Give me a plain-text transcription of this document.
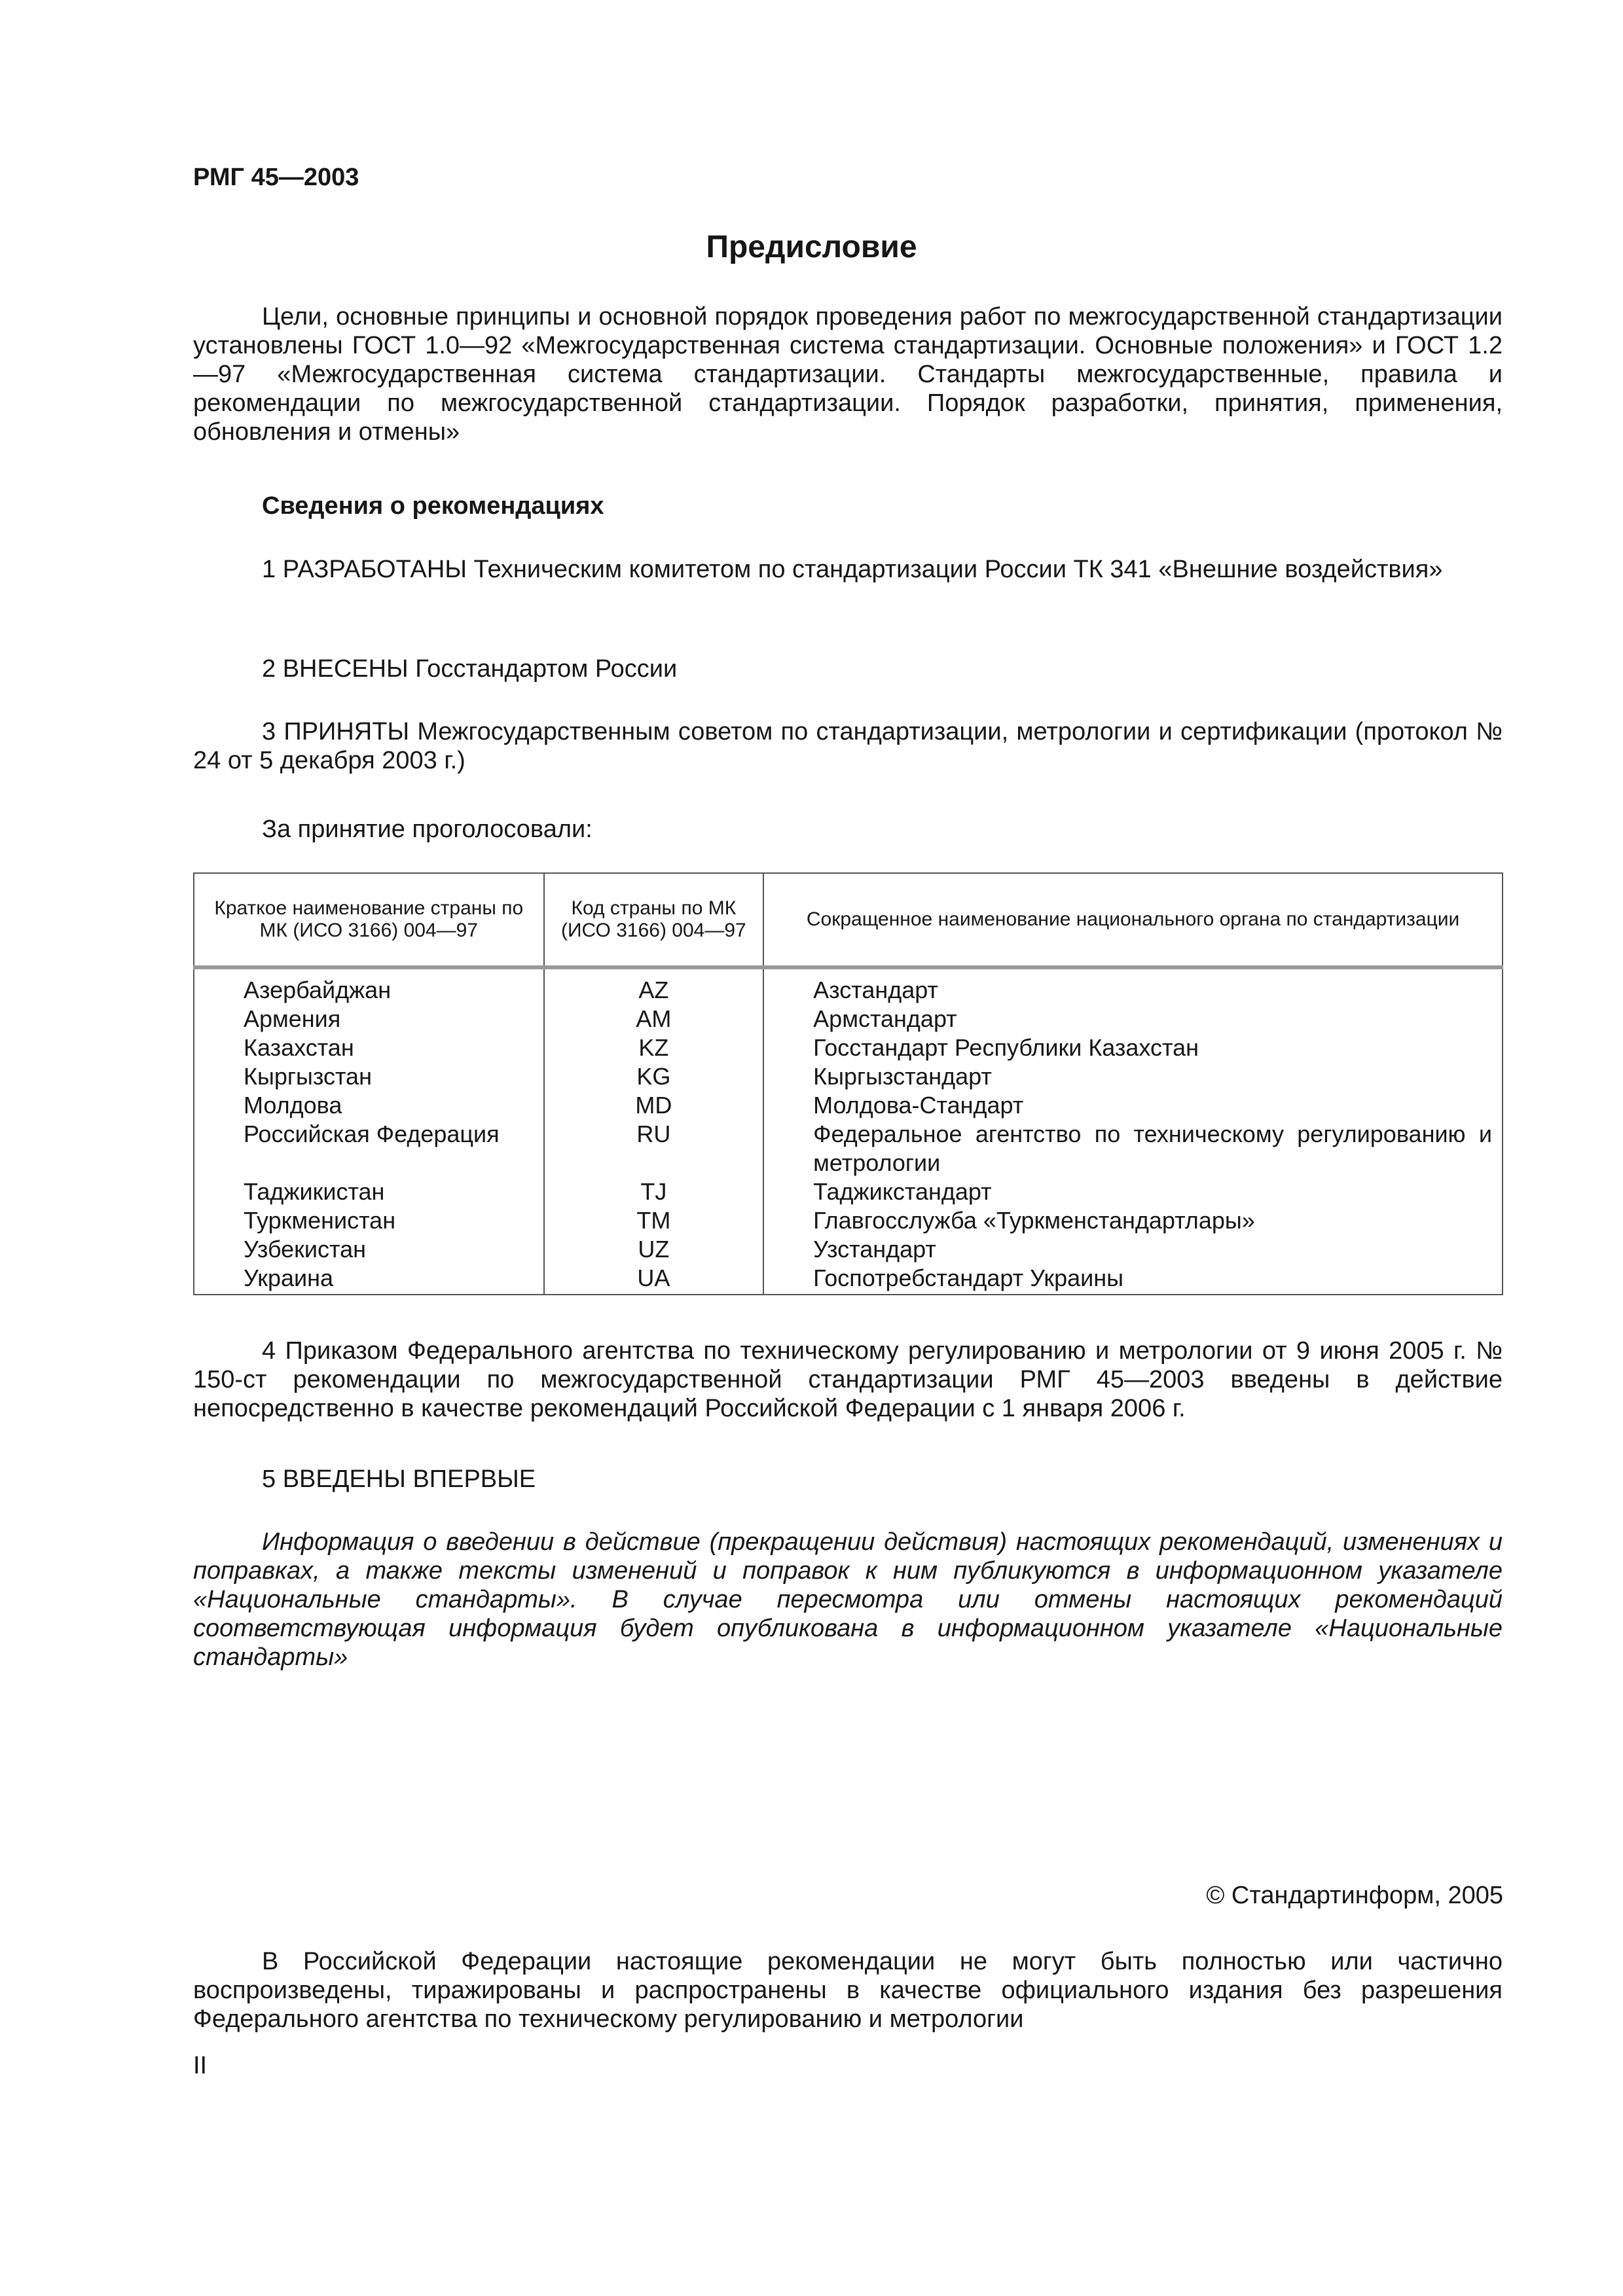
РМГ 45—2003

Предисловие

Цели, основные принципы и основной порядок проведения работ по межгосударственной стандартизации установлены ГОСТ 1.0—92 «Межгосударственная система стандартизации. Основные положения» и ГОСТ 1.2—97 «Межгосударственная система стандартизации. Стандарты межгосударственные, правила и рекомендации по межгосударственной стандартизации. Порядок разработки, принятия, применения, обновления и отмены»

Сведения о рекомендациях

1 РАЗРАБОТАНЫ Техническим комитетом по стандартизации России ТК 341 «Внешние воздействия»

2 ВНЕСЕНЫ Госстандартом России

3 ПРИНЯТЫ Межгосударственным советом по стандартизации, метрологии и сертификации (протокол № 24 от 5 декабря 2003 г.)

За принятие проголосовали:

Краткое наименование страны по МК (ИСО 3166) 004—97	Код страны по МК (ИСО 3166) 004—97	Сокращенное наименование национального органа по стандартизации
Азербайджан	AZ	Азстандарт
Армения	AM	Армстандарт
Казахстан	KZ	Госстандарт Республики Казахстан
Кыргызстан	KG	Кыргызстандарт
Молдова	MD	Молдова-Стандарт
Российская Федерация	RU	Федеральное агентство по техническому регулированию и метрологии
Таджикистан	TJ	Таджикстандарт
Туркменистан	TM	Главгосслужба «Туркменстандартлары»
Узбекистан	UZ	Узстандарт
Украина	UA	Госпотребстандарт Украины

4 Приказом Федерального агентства по техническому регулированию и метрологии от 9 июня 2005 г. № 150-ст рекомендации по межгосударственной стандартизации РМГ 45—2003 введены в действие непосредственно в качестве рекомендаций Российской Федерации с 1 января 2006 г.

5 ВВЕДЕНЫ ВПЕРВЫЕ

Информация о введении в действие (прекращении действия) настоящих рекомендаций, изменениях и поправках, а также тексты изменений и поправок к ним публикуются в информационном указателе «Национальные стандарты». В случае пересмотра или отмены настоящих рекомендаций соответствующая информация будет опубликована в информационном указателе «Национальные стандарты»

© Стандартинформ, 2005

В Российской Федерации настоящие рекомендации не могут быть полностью или частично воспроизведены, тиражированы и распространены в качестве официального издания без разрешения Федерального агентства по техническому регулированию и метрологии

II
